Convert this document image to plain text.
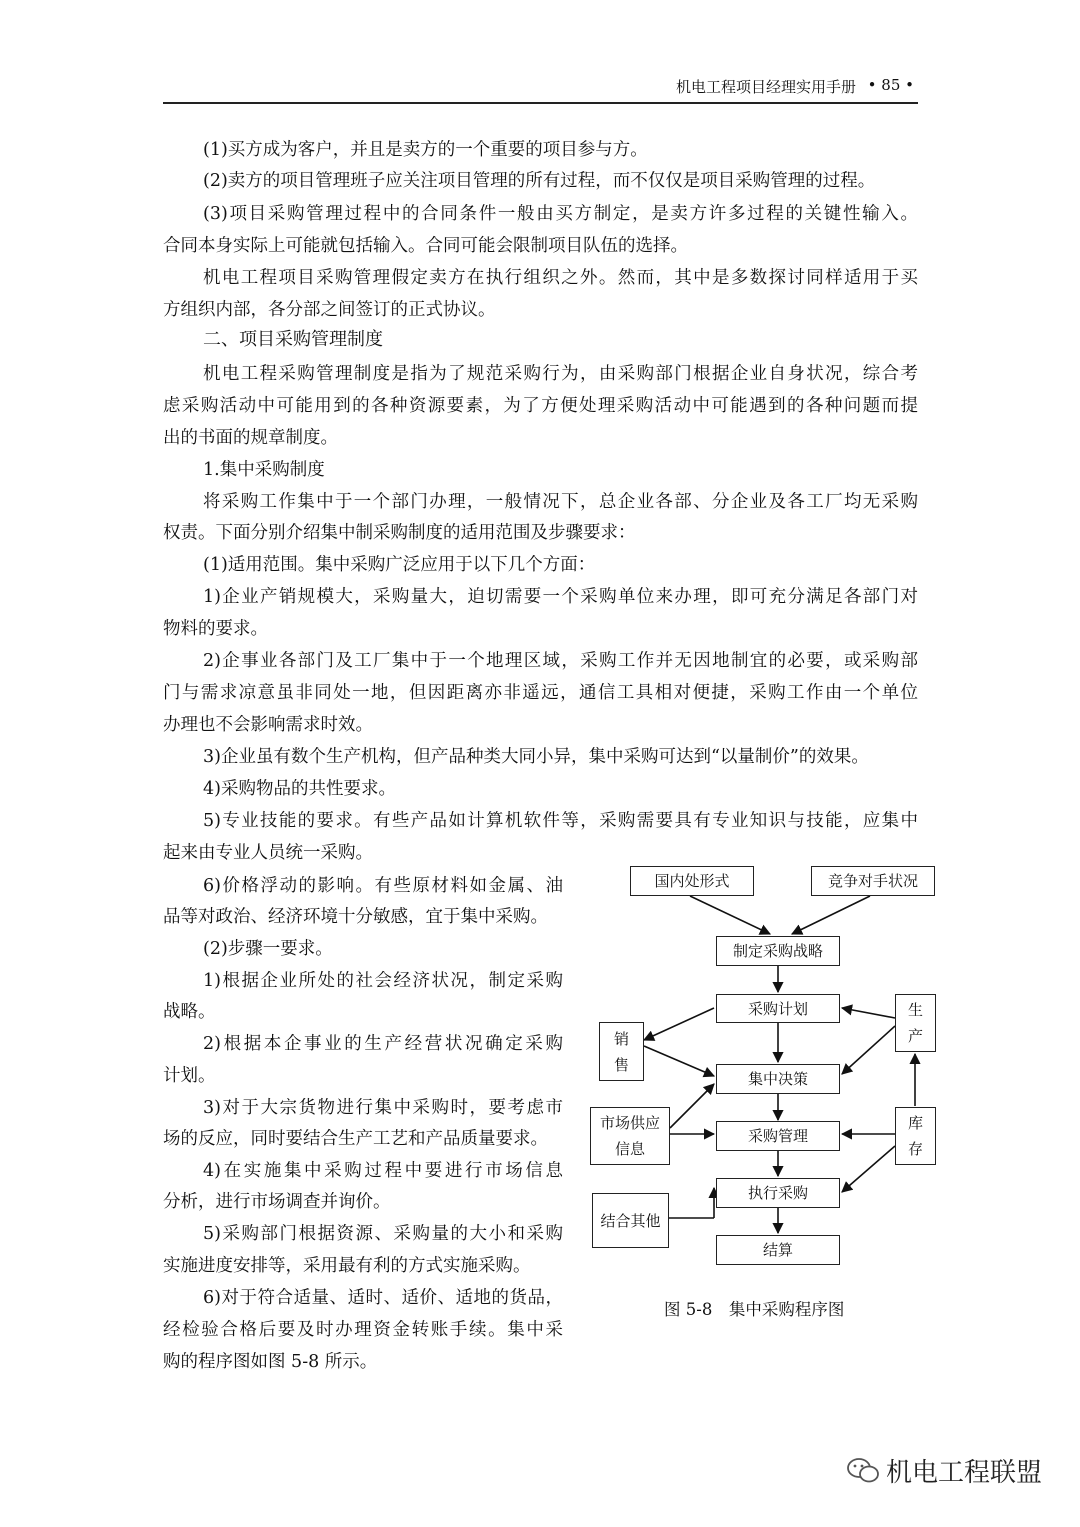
机电工程项目经理实用手册 • 85 •
(1)买方成为客户，并且是卖方的一个重要的项目参与方。
(2)卖方的项目管理班子应关注项目管理的所有过程，而不仅仅是项目采购管理的过程。
(3)项目采购管理过程中的合同条件一般由买方制定，是卖方许多过程的关键性输入。
合同本身实际上可能就包括输入。合同可能会限制项目队伍的选择。
机电工程项目采购管理假定卖方在执行组织之外。然而，其中是多数探讨同样适用于买
方组织内部，各分部之间签订的正式协议。
二、项目采购管理制度
机电工程采购管理制度是指为了规范采购行为，由采购部门根据企业自身状况，综合考
虑采购活动中可能用到的各种资源要素，为了方便处理采购活动中可能遇到的各种问题而提
出的书面的规章制度。
1.集中采购制度
将采购工作集中于一个部门办理，一般情况下，总企业各部、分企业及各工厂均无采购
权责。下面分别介绍集中制采购制度的适用范围及步骤要求：
(1)适用范围。集中采购广泛应用于以下几个方面：
1)企业产销规模大，采购量大，迫切需要一个采购单位来办理，即可充分满足各部门对
物料的要求。
2)企事业各部门及工厂集中于一个地理区域，采购工作并无因地制宜的必要，或采购部
门与需求凉意虽非同处一地，但因距离亦非遥远，通信工具相对便捷，采购工作由一个单位
办理也不会影响需求时效。
3)企业虽有数个生产机构，但产品种类大同小异，集中采购可达到“以量制价”的效果。
4)采购物品的共性要求。
5)专业技能的要求。有些产品如计算机软件等，采购需要具有专业知识与技能，应集中
起来由专业人员统一采购。
6)价格浮动的影响。有些原材料如金属、油
品等对政治、经济环境十分敏感，宜于集中采购。
(2)步骤一要求。
1)根据企业所处的社会经济状况，制定采购
战略。
2)根据本企事业的生产经营状况确定采购
计划。
3)对于大宗货物进行集中采购时，要考虑市
场的反应，同时要结合生产工艺和产品质量要求。
4)在实施集中采购过程中要进行市场信息
分析，进行市场调查并询价。
5)采购部门根据资源、采购量的大小和采购
实施进度安排等，采用最有利的方式实施采购。
6)对于符合适量、适时、适价、适地的货品，
经检验合格后要及时办理资金转账手续。集中采
购的程序图如图 5-8 所示。
国内处形式	竞争对手状况
制定采购战略
采购计划
销售
生产
集中决策
市场供应信息
库存
采购管理
执行采购
结合其他
结算
图 5-8　集中采购程序图
机电工程联盟
